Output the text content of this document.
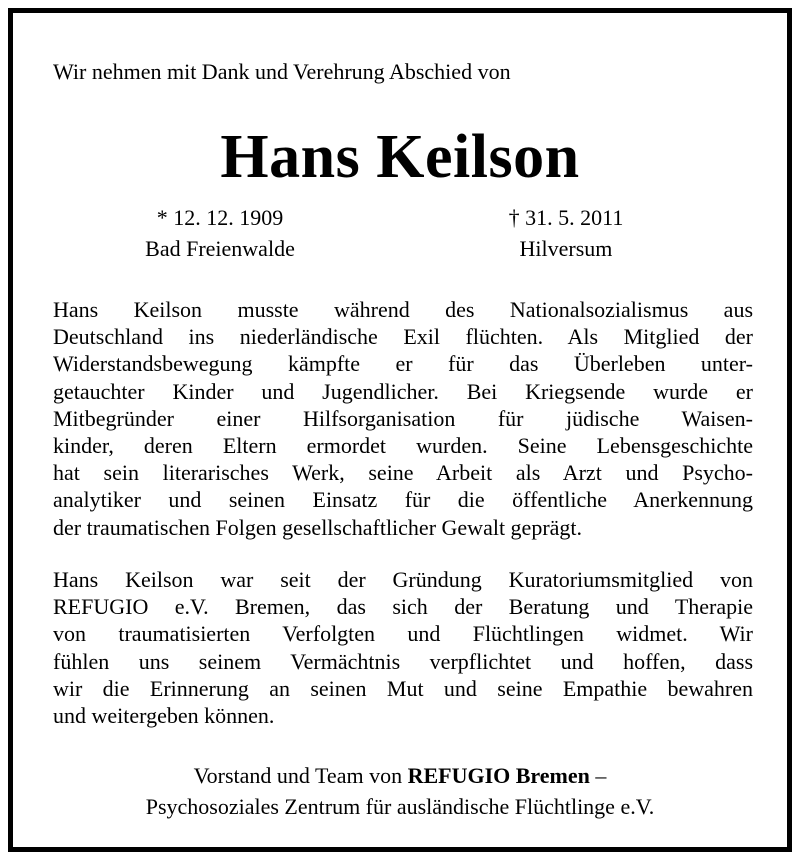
Wir nehmen mit Dank und Verehrung Abschied von
Hans Keilson
* 12. 12. 1909
Bad Freienwalde
† 31. 5. 2011
Hilversum
Hans Keilson musste während des Nationalsozialismus aus
Deutschland ins niederländische Exil flüchten. Als Mitglied der
Widerstandsbewegung kämpfte er für das Überleben unter-
getauchter Kinder und Jugendlicher. Bei Kriegsende wurde er
Mitbegründer einer Hilfsorganisation für jüdische Waisen-
kinder, deren Eltern ermordet wurden. Seine Lebensgeschichte
hat sein literarisches Werk, seine Arbeit als Arzt und Psycho-
analytiker und seinen Einsatz für die öffentliche Anerkennung
der traumatischen Folgen gesellschaftlicher Gewalt geprägt.
Hans Keilson war seit der Gründung Kuratoriumsmitglied von
REFUGIO e.V. Bremen, das sich der Beratung und Therapie
von traumatisierten Verfolgten und Flüchtlingen widmet. Wir
fühlen uns seinem Vermächtnis verpflichtet und hoffen, dass
wir die Erinnerung an seinen Mut und seine Empathie bewahren
und weitergeben können.
Vorstand und Team von REFUGIO Bremen –
Psychosoziales Zentrum für ausländische Flüchtlinge e.V.
